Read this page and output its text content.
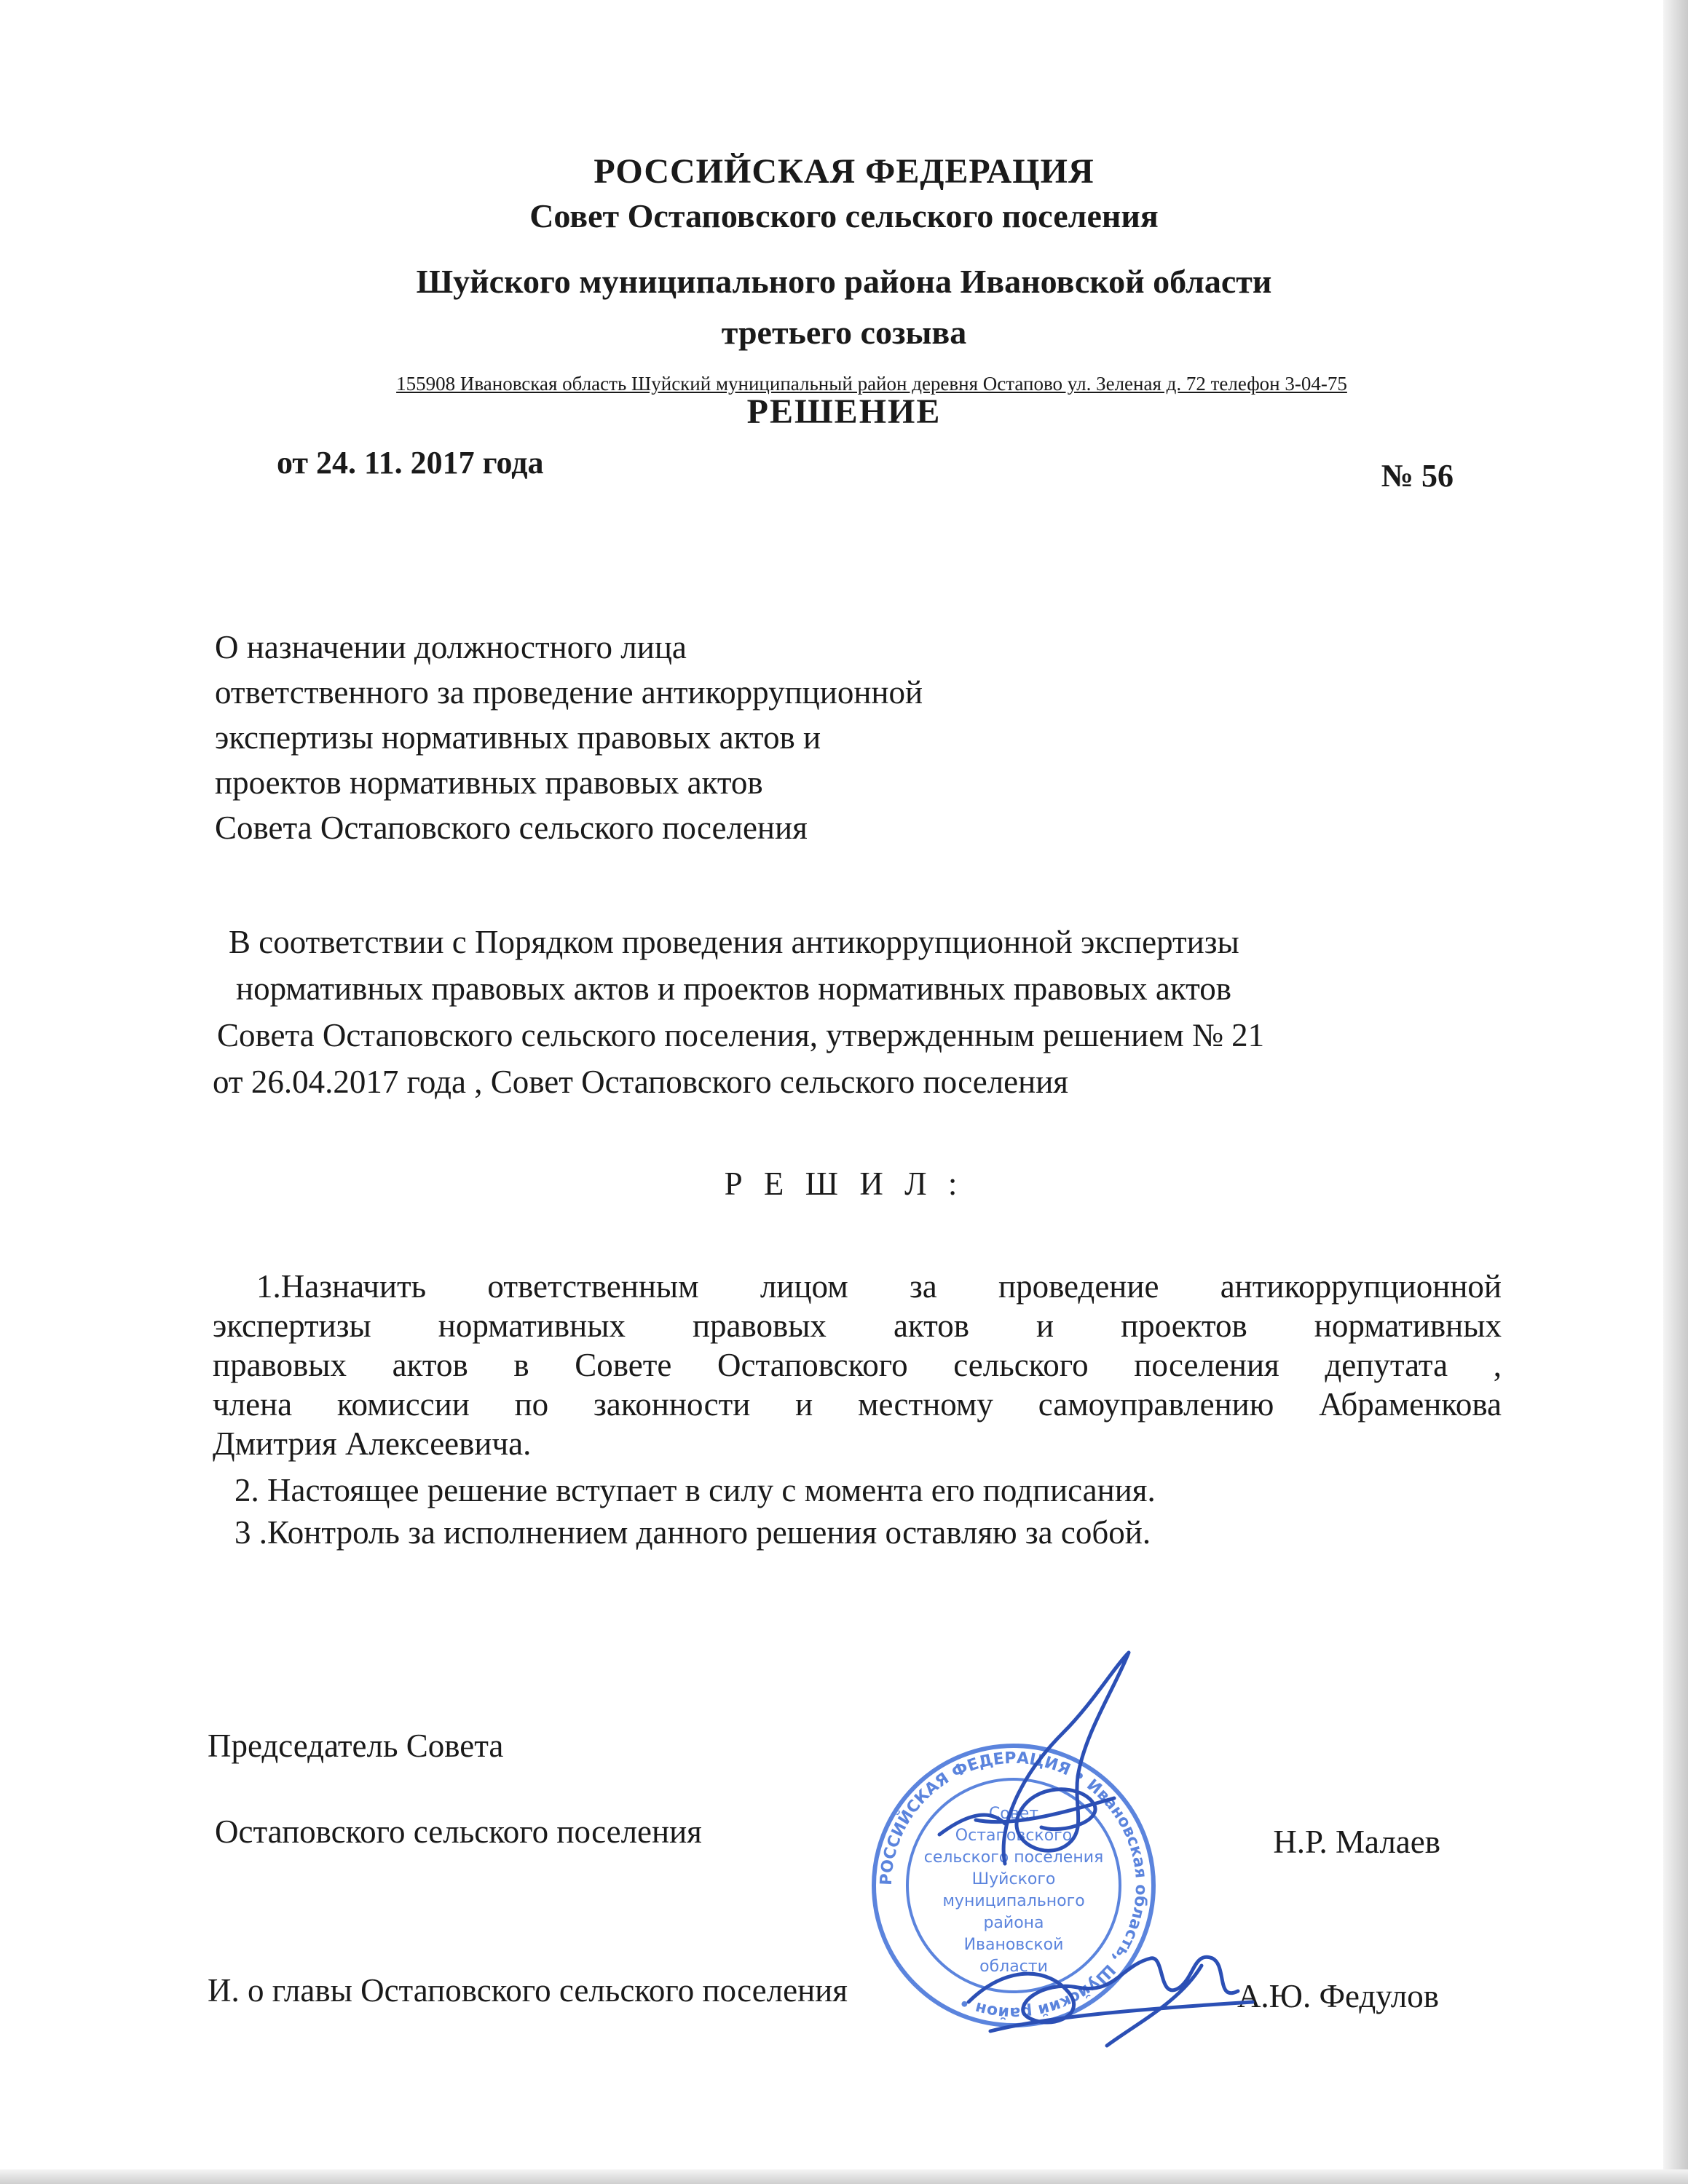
РОССИЙСКАЯ ФЕДЕРАЦИЯ
Совет Остаповского сельского поселения
Шуйского муниципального района Ивановской области
третьего созыва
155908 Ивановская область Шуйский муниципальный район деревня Остапово ул. Зеленая д. 72 телефон 3-04-75
РЕШЕНИЕ
от 24. 11. 2017 года	№ 56
О назначении должностного лица
ответственного за проведение антикоррупционной
экспертизы нормативных правовых актов и
проектов нормативных правовых актов
Совета Остаповского сельского поселения
В соответствии с Порядком проведения антикоррупционной экспертизы
нормативных правовых актов и проектов нормативных правовых актов
Совета Остаповского сельского поселения, утвержденным решением № 21
от 26.04.2017 года , Совет Остаповского сельского поселения
Р Е Ш И Л :
1.Назначить ответственным лицом за проведение антикоррупционной
экспертизы нормативных правовых актов и проектов нормативных
правовых актов в Совете Остаповского сельского поселения депутата ,
члена комиссии по законности и местному самоуправлению Абраменкова
Дмитрия Алексеевича.
2. Настоящее решение вступает в силу с момента его подписания.
3 .Контроль за исполнением данного решения оставляю за собой.
Председатель Совета
Остаповского сельского поселения	Н.Р. Малаев
И. о главы Остаповского сельского поселения	А.Ю. Федулов
РОССИЙСКАЯ ФЕДЕРАЦИЯ • Ивановская область, Шуйский район •
Совет
Остаповского
сельского поселения
Шуйского
муниципального
района
Ивановской
области
